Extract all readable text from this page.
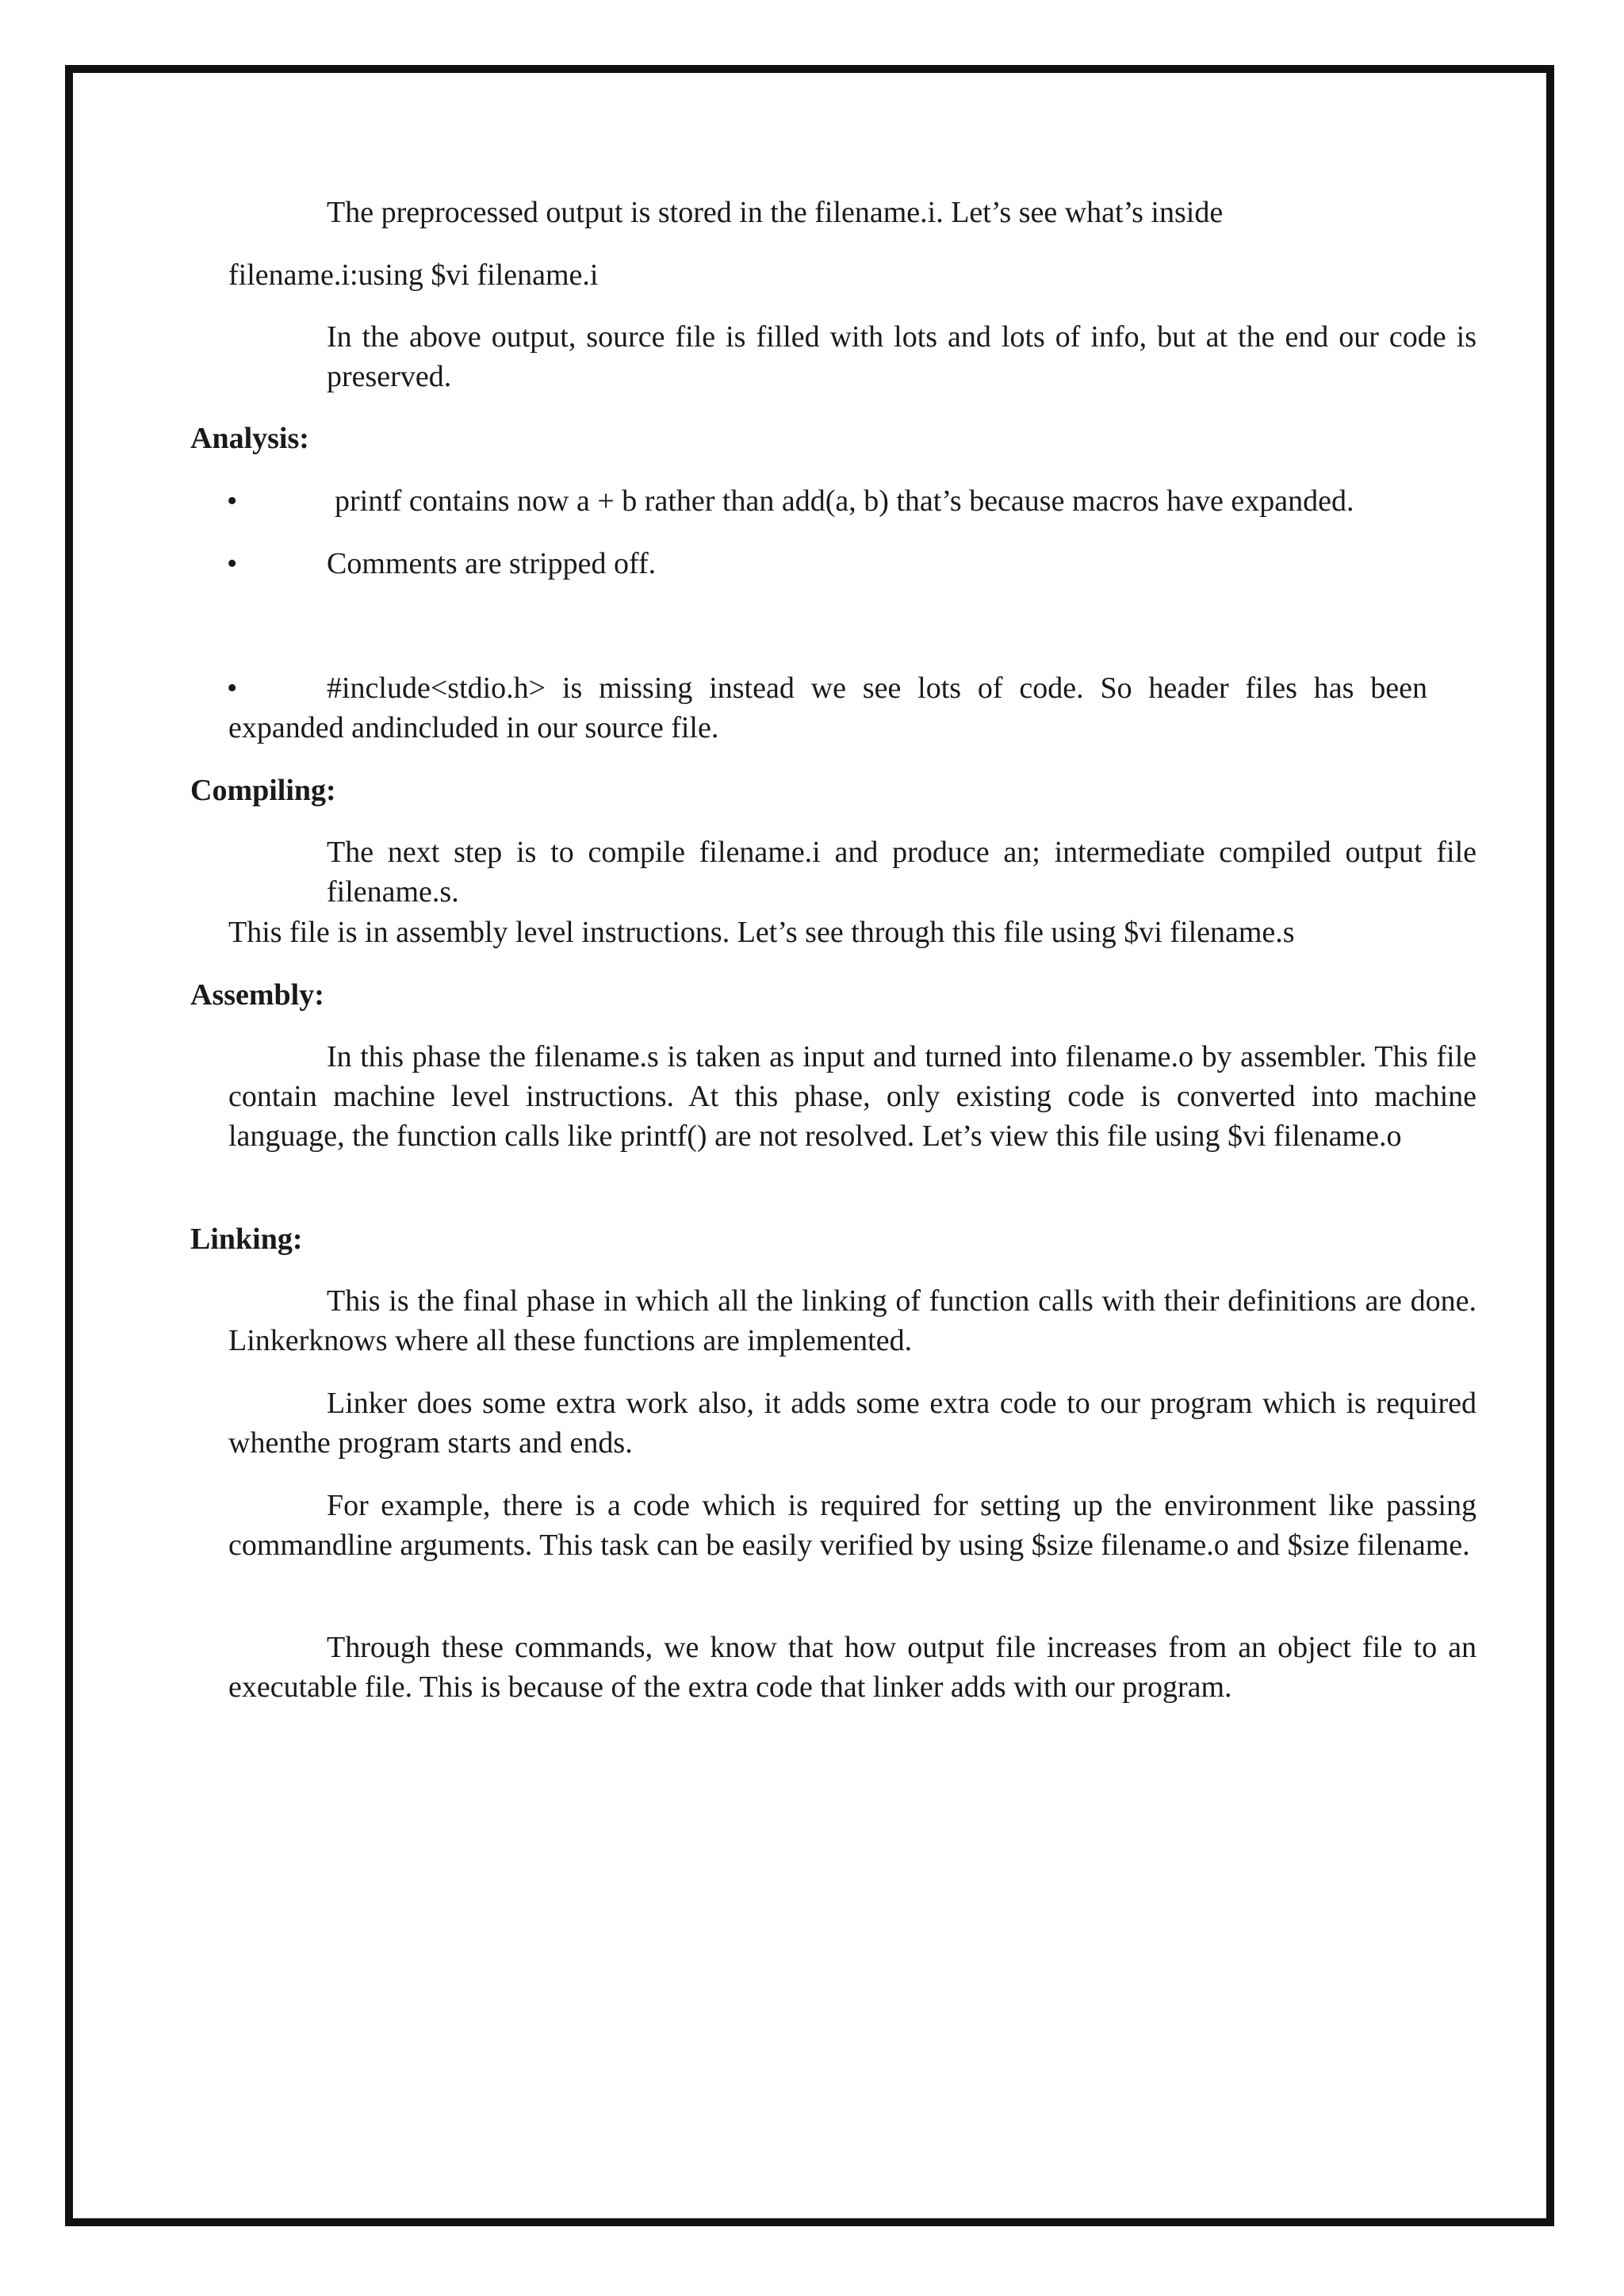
The preprocessed output is stored in the filename.i. Let’s see what’s inside
filename.i:using $vi filename.i
In the above output, source file is filled with lots and lots of info, but at the end our code is preserved.
Analysis:
•	printf contains now a + b rather than add(a, b) that’s because macros have expanded.
•	Comments are stripped off.
•	#include<stdio.h> is missing instead we see lots of code. So header files has been expanded andincluded in our source file.
Compiling:
The next step is to compile filename.i and produce an; intermediate compiled output file filename.s.
This file is in assembly level instructions. Let’s see through this file using $vi filename.s
Assembly:
In this phase the filename.s is taken as input and turned into filename.o by assembler. This file contain machine level instructions. At this phase, only existing code is converted into machine language, the function calls like printf() are not resolved. Let’s view this file using $vi filename.o
Linking:
This is the final phase in which all the linking of function calls with their definitions are done. Linkerknows where all these functions are implemented.
Linker does some extra work also, it adds some extra code to our program which is required whenthe program starts and ends.
For example, there is a code which is required for setting up the environment like passing commandline arguments. This task can be easily verified by using $size filename.o and $size filename.
Through these commands, we know that how output file increases from an object file to an executable file. This is because of the extra code that linker adds with our program.
